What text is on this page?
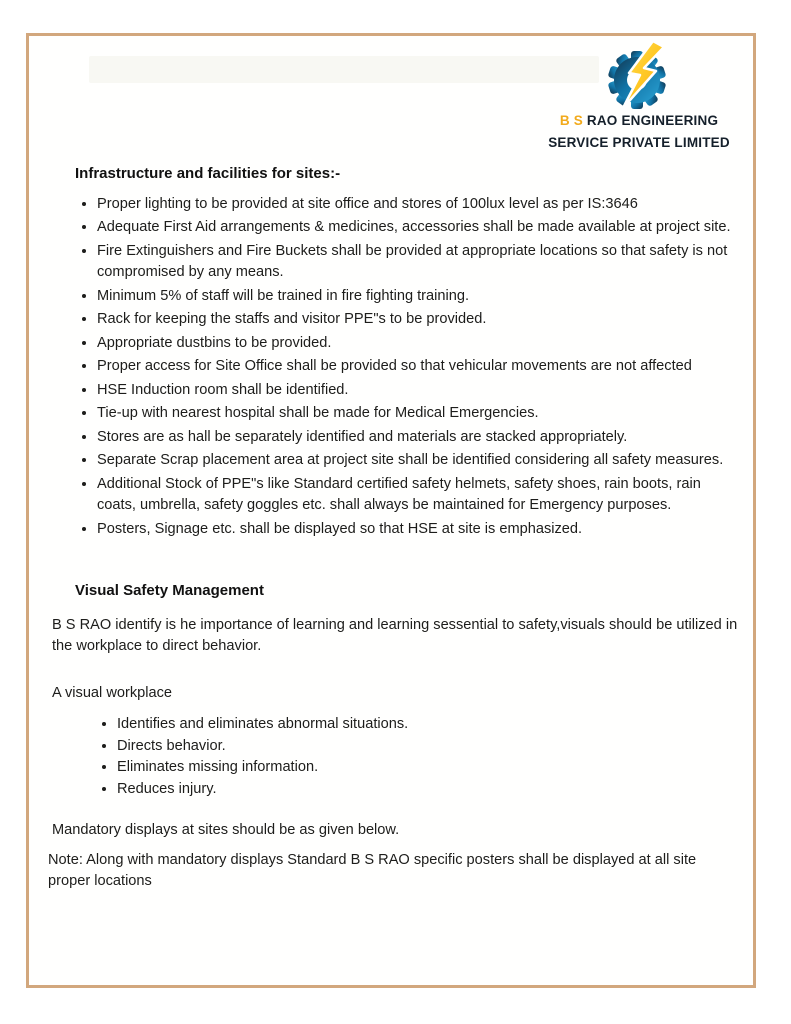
B S RAO ENGINEERING
SERVICE PRIVATE LIMITED
Infrastructure and facilities for sites:-
• Proper lighting to be provided at site office and stores of 100lux level as per IS:3646
• Adequate First Aid arrangements & medicines, accessories shall be made available at project site.
• Fire Extinguishers and Fire Buckets shall be provided at appropriate locations so that safety is not compromised by any means.
• Minimum 5% of staff will be trained in fire fighting training.
• Rack for keeping the staffs and visitor PPE"s to be provided.
• Appropriate dustbins to be provided.
• Proper access for Site Office shall be provided so that vehicular movements are not affected
• HSE Induction room shall be identified.
• Tie-up with nearest hospital shall be made for Medical Emergencies.
• Stores are as hall be separately identified and materials are stacked appropriately.
• Separate Scrap placement area at project site shall be identified considering all safety measures.
• Additional Stock of PPE"s like Standard certified safety helmets, safety shoes, rain boots, rain coats, umbrella, safety goggles etc. shall always be maintained for Emergency purposes.
• Posters, Signage etc. shall be displayed so that HSE at site is emphasized.
Visual Safety Management

B S RAO identify is he importance of learning and learning sessential to safety,visuals should be utilized in the workplace to direct behavior.

A visual workplace

• Identifies and eliminates abnormal situations.
• Directs behavior.
• Eliminates missing information.
• Reduces injury.

Mandatory displays at sites should be as given below.

Note: Along with mandatory displays Standard B S RAO specific posters shall be displayed at all site proper locations
